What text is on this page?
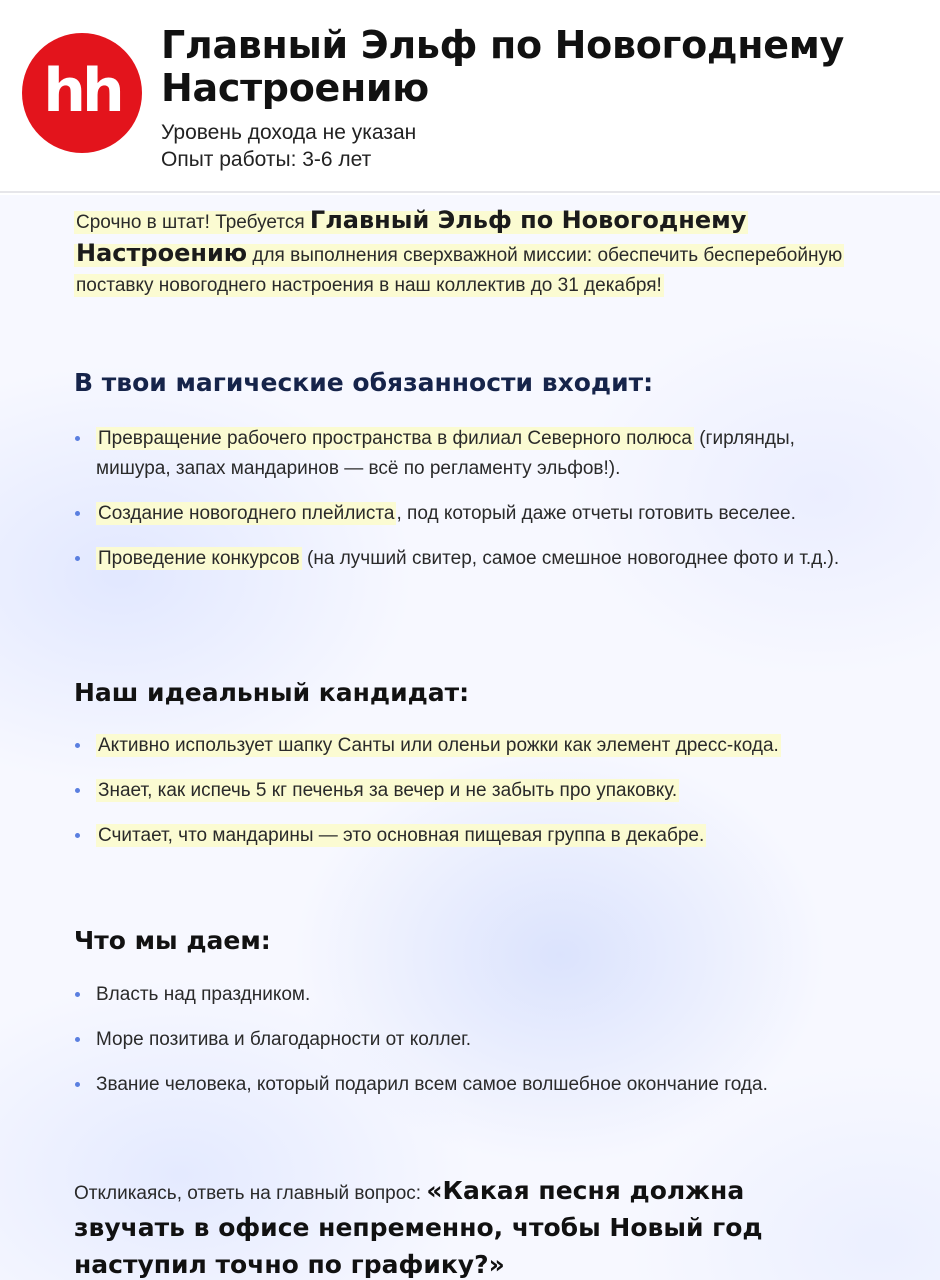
hh
Главный Эльф по Новогоднему Настроению
Уровень дохода не указан
Опыт работы: 3-6 лет

Срочно в штат! Требуется Главный Эльф по Новогоднему Настроению для выполнения сверхважной миссии: обеспечить бесперебойную поставку новогоднего настроения в наш коллектив до 31 декабря!

В твои магические обязанности входит:
Превращение рабочего пространства в филиал Северного полюса (гирлянды, мишура, запах мандаринов — всё по регламенту эльфов!).
Создание новогоднего плейлиста , под который даже отчеты готовить веселее.
Проведение конкурсов (на лучший свитер, самое смешное новогоднее фото и т.д.).
Наш идеальный кандидат:
Активно использует шапку Санты или оленьи рожки как элемент дресс-кода.
Знает, как испечь 5 кг печенья за вечер и не забыть про упаковку.
Считает, что мандарины — это основная пищевая группа в декабре.
Что мы даем:
Власть над праздником.
Море позитива и благодарности от коллег.
Звание человека, который подарил всем самое волшебное окончание года.

Откликаясь, ответь на главный вопрос: «Какая песня должна звучать в офисе непременно, чтобы Новый год наступил точно по графику?»
